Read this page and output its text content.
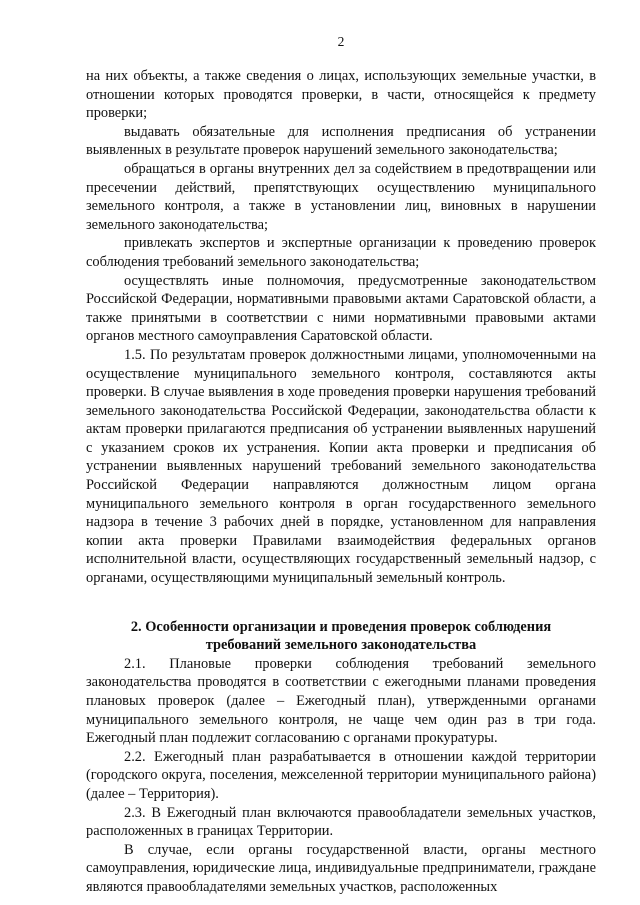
2

на них объекты, а также сведения о лицах, использующих земельные участки, в отношении которых проводятся проверки, в части, относящейся к предмету проверки;

выдавать обязательные для исполнения предписания об устранении выявленных в результате проверок нарушений земельного законодательства;

обращаться в органы внутренних дел за содействием в предотвращении или пресечении действий, препятствующих осуществлению муниципального земельного контроля, а также в установлении лиц, виновных в нарушении земельного законодательства;

привлекать экспертов и экспертные организации к проведению проверок соблюдения требований земельного законодательства;

осуществлять иные полномочия, предусмотренные законодательством Российской Федерации, нормативными правовыми актами Саратовской области, а также принятыми в соответствии с ними нормативными правовыми актами органов местного самоуправления Саратовской области.

1.5. По результатам проверок должностными лицами, уполномоченными на осуществление муниципального земельного контроля, составляются акты проверки. В случае выявления в ходе проведения проверки нарушения требований земельного законодательства Российской Федерации, законодательства области к актам проверки прилагаются предписания об устранении выявленных нарушений с указанием сроков их устранения. Копии акта проверки и предписания об устранении выявленных нарушений требований земельного законодательства Российской Федерации направляются должностным лицом органа муниципального земельного контроля в орган государственного земельного надзора в течение 3 рабочих дней в порядке, установленном для направления копии акта проверки Правилами взаимодействия федеральных органов исполнительной власти, осуществляющих государственный земельный надзор, с органами, осуществляющими муниципальный земельный контроль.

2. Особенности организации и проведения проверок соблюдения
требований земельного законодательства

2.1. Плановые проверки соблюдения требований земельного законодательства проводятся в соответствии с ежегодными планами проведения плановых проверок (далее – Ежегодный план), утвержденными органами муниципального земельного контроля, не чаще чем один раз в три года. Ежегодный план подлежит согласованию с органами прокуратуры.

2.2. Ежегодный план разрабатывается в отношении каждой территории (городского округа, поселения, межселенной территории муниципального района) (далее – Территория).

2.3. В Ежегодный план включаются правообладатели земельных участков, расположенных в границах Территории.

В случае, если органы государственной власти, органы местного самоуправления, юридические лица, индивидуальные предприниматели, граждане являются правообладателями земельных участков, расположенных
